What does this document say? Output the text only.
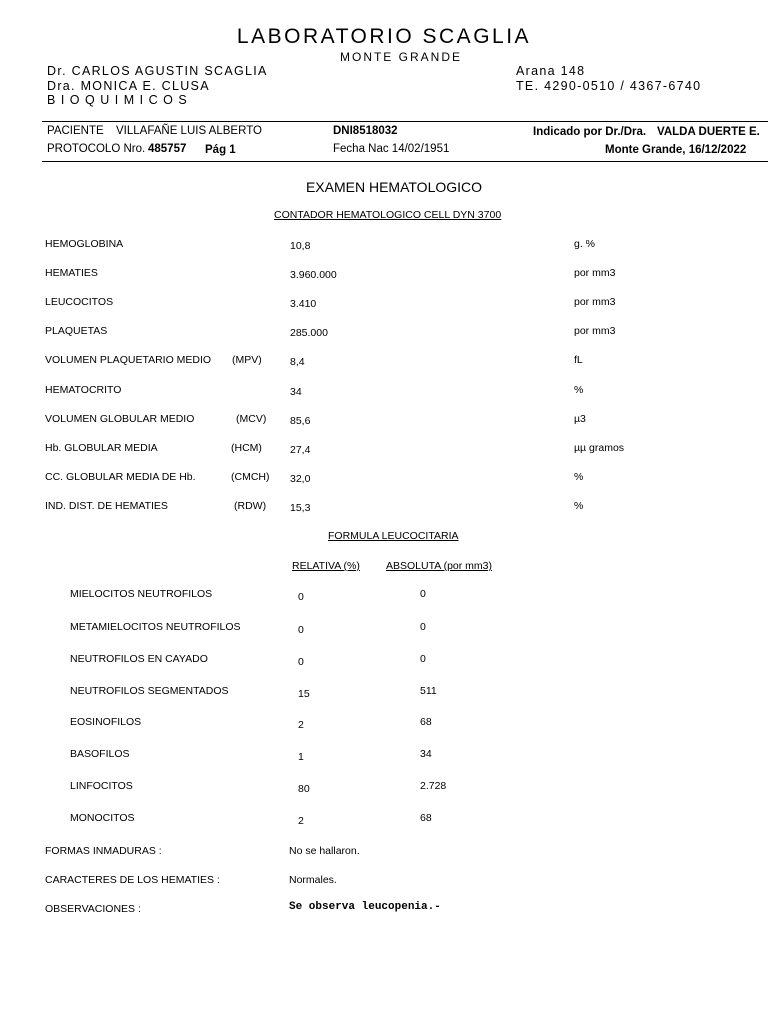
LABORATORIO SCAGLIA
MONTE GRANDE
Dr. CARLOS AGUSTIN SCAGLIA
Dra. MONICA E. CLUSA
BIOQUIMICOS
Arana 148
TE. 4290-0510 / 4367-6740
PACIENTE VILLAFAÑE LUIS ALBERTO	DNI8518032	Indicado por Dr./Dra. VALDA DUERTE E.
PROTOCOLO Nro. 485757 Pág 1	Fecha Nac 14/02/1951	Monte Grande, 16/12/2022
EXAMEN HEMATOLOGICO
CONTADOR HEMATOLOGICO CELL DYN 3700
HEMOGLOBINA	10,8	g. %
HEMATIES	3.960.000	por mm3
LEUCOCITOS	3.410	por mm3
PLAQUETAS	285.000	por mm3
VOLUMEN PLAQUETARIO MEDIO (MPV)	8,4	fL
HEMATOCRITO	34	%
VOLUMEN GLOBULAR MEDIO	(MCV) 85,6	µ3
Hb. GLOBULAR MEDIA	(HCM)	27,4	µµ gramos
CC. GLOBULAR MEDIA DE Hb.	(CMCH) 32,0	%
IND. DIST. DE HEMATIES	(RDW) 15,3	%
FORMULA LEUCOCITARIA
RELATIVA (%) ABSOLUTA (por mm3)
MIELOCITOS NEUTROFILOS	0	0
METAMIELOCITOS NEUTROFILOS	0	0
NEUTROFILOS EN CAYADO	0	0
NEUTROFILOS SEGMENTADOS	15	511
EOSINOFILOS	2	68
BASOFILOS	1	34
LINFOCITOS	80	2.728
MONOCITOS	2	68
FORMAS INMADURAS :	No se hallaron.
CARACTERES DE LOS HEMATIES :	Normales.
OBSERVACIONES :	Se observa leucopenia.-
